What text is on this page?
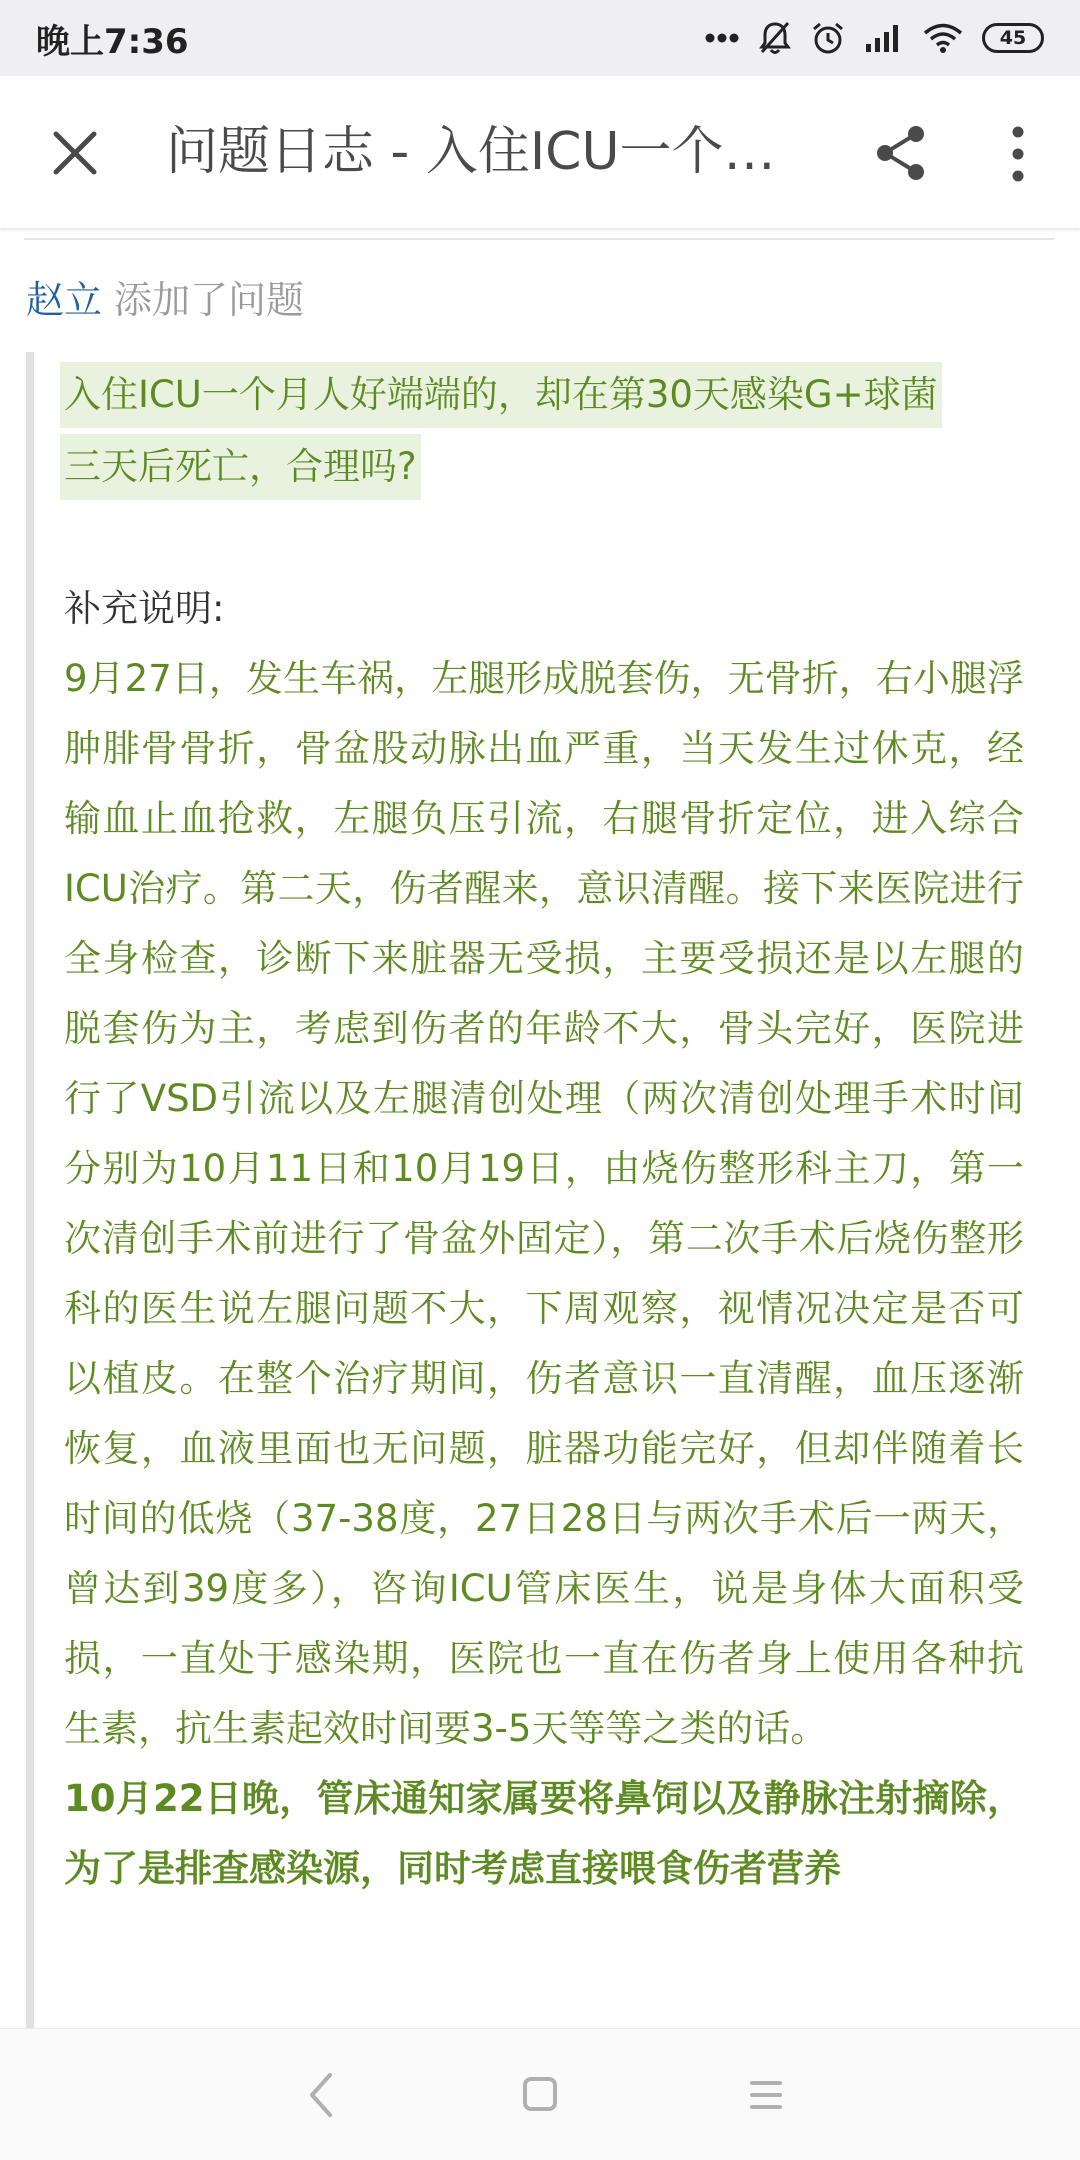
晚上7:36	45
问题日志 - 入住ICU一个…
赵立 添加了问题
入住ICU一个月人好端端的，却在第30天感染G+球菌
三天后死亡，合理吗?
补充说明:
9月27日，发生车祸，左腿形成脱套伤，无骨折，右小腿浮肿腓骨骨折，骨盆股动脉出血严重，当天发生过休克，经输血止血抢救，左腿负压引流，右腿骨折定位，进入综合ICU治疗。第二天，伤者醒来，意识清醒。接下来医院进行全身检查，诊断下来脏器无受损，主要受损还是以左腿的脱套伤为主，考虑到伤者的年龄不大，骨头完好，医院进行了VSD引流以及左腿清创处理（两次清创处理手术时间分别为10月11日和10月19日，由烧伤整形科主刀，第一次清创手术前进行了骨盆外固定），第二次手术后烧伤整形科的医生说左腿问题不大，下周观察，视情况决定是否可以植皮。在整个治疗期间，伤者意识一直清醒，血压逐渐恢复，血液里面也无问题，脏器功能完好，但却伴随着长时间的低烧（37-38度，27日28日与两次手术后一两天，曾达到39度多），咨询ICU管床医生，说是身体大面积受损，一直处于感染期，医院也一直在伤者身上使用各种抗生素，抗生素起效时间要3-5天等等之类的话。
10月22日晚，管床通知家属要将鼻饲以及静脉注射摘除，为了是排查感染源，同时考虑直接喂食伤者营养
